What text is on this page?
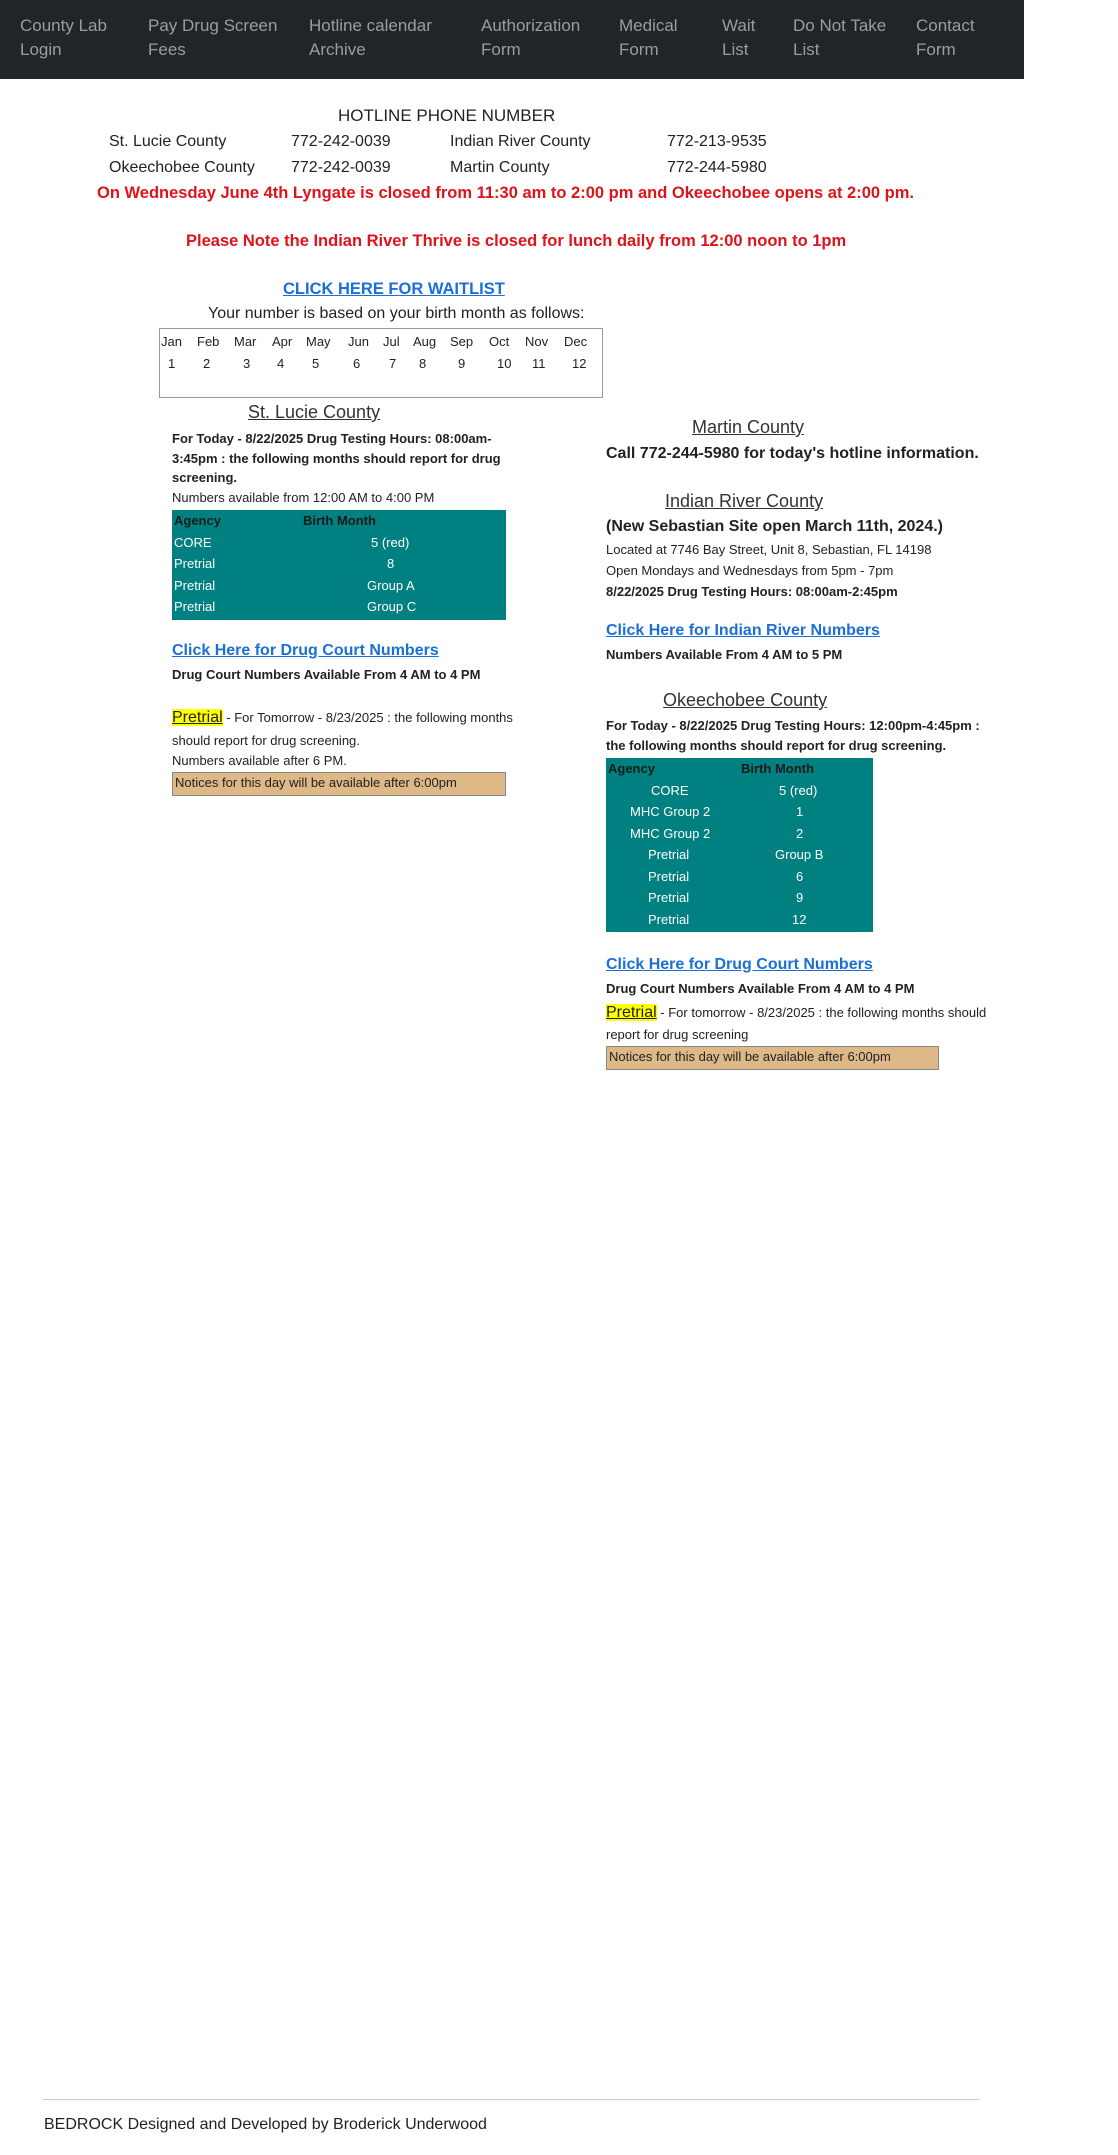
County Lab
Login
Pay Drug Screen
Fees
Hotline calendar
Archive
Authorization
Form
Medical
Form
Wait
List
Do Not Take
List
Contact
Form
HOTLINE PHONE NUMBER
St. Lucie County	772-242-0039	Indian River County	772-213-9535
Okeechobee County 772-242-0039	Martin County	772-244-5980
On Wednesday June 4th Lyngate is closed from 11:30 am to 2:00 pm and Okeechobee opens at 2:00 pm.
Please Note the Indian River Thrive is closed for lunch daily from 12:00 noon to 1pm
CLICK HERE FOR WAITLIST
Your number is based on your birth month as follows:
Jan Feb Mar Apr May Jun Jul Aug Sep Oct Nov Dec
1 2	3 4 5	6 7 8 9 10 11 12
St. Lucie County
For Today - 8/22/2025 Drug Testing Hours: 08:00am-
3:45pm : the following months should report for drug
screening.
Numbers available from 12:00 AM to 4:00 PM
Agency	Birth Month
CORE	5 (red)
Pretrial	8
Pretrial	Group A
Pretrial	Group C
Click Here for Drug Court Numbers
Drug Court Numbers Available From 4 AM to 4 PM
Pretrial - For Tomorrow - 8/23/2025 : the following months
should report for drug screening.
Numbers available after 6 PM.
Notices for this day will be available after 6:00pm
Martin County
Call 772-244-5980 for today's hotline information.
Indian River County
(New Sebastian Site open March 11th, 2024.)
Located at 7746 Bay Street, Unit 8, Sebastian, FL 14198
Open Mondays and Wednesdays from 5pm - 7pm
8/22/2025 Drug Testing Hours: 08:00am-2:45pm
Click Here for Indian River Numbers
Numbers Available From 4 AM to 5 PM
Okeechobee County
For Today - 8/22/2025 Drug Testing Hours: 12:00pm-4:45pm :
the following months should report for drug screening.
Agency	Birth Month
CORE	5 (red)
MHC Group 2	1
MHC Group 2	2
Pretrial	Group B
Pretrial	6
Pretrial	9
Pretrial	12
Click Here for Drug Court Numbers
Drug Court Numbers Available From 4 AM to 4 PM
Pretrial - For tomorrow - 8/23/2025 : the following months should
report for drug screening
Notices for this day will be available after 6:00pm
BEDROCK Designed and Developed by Broderick Underwood
